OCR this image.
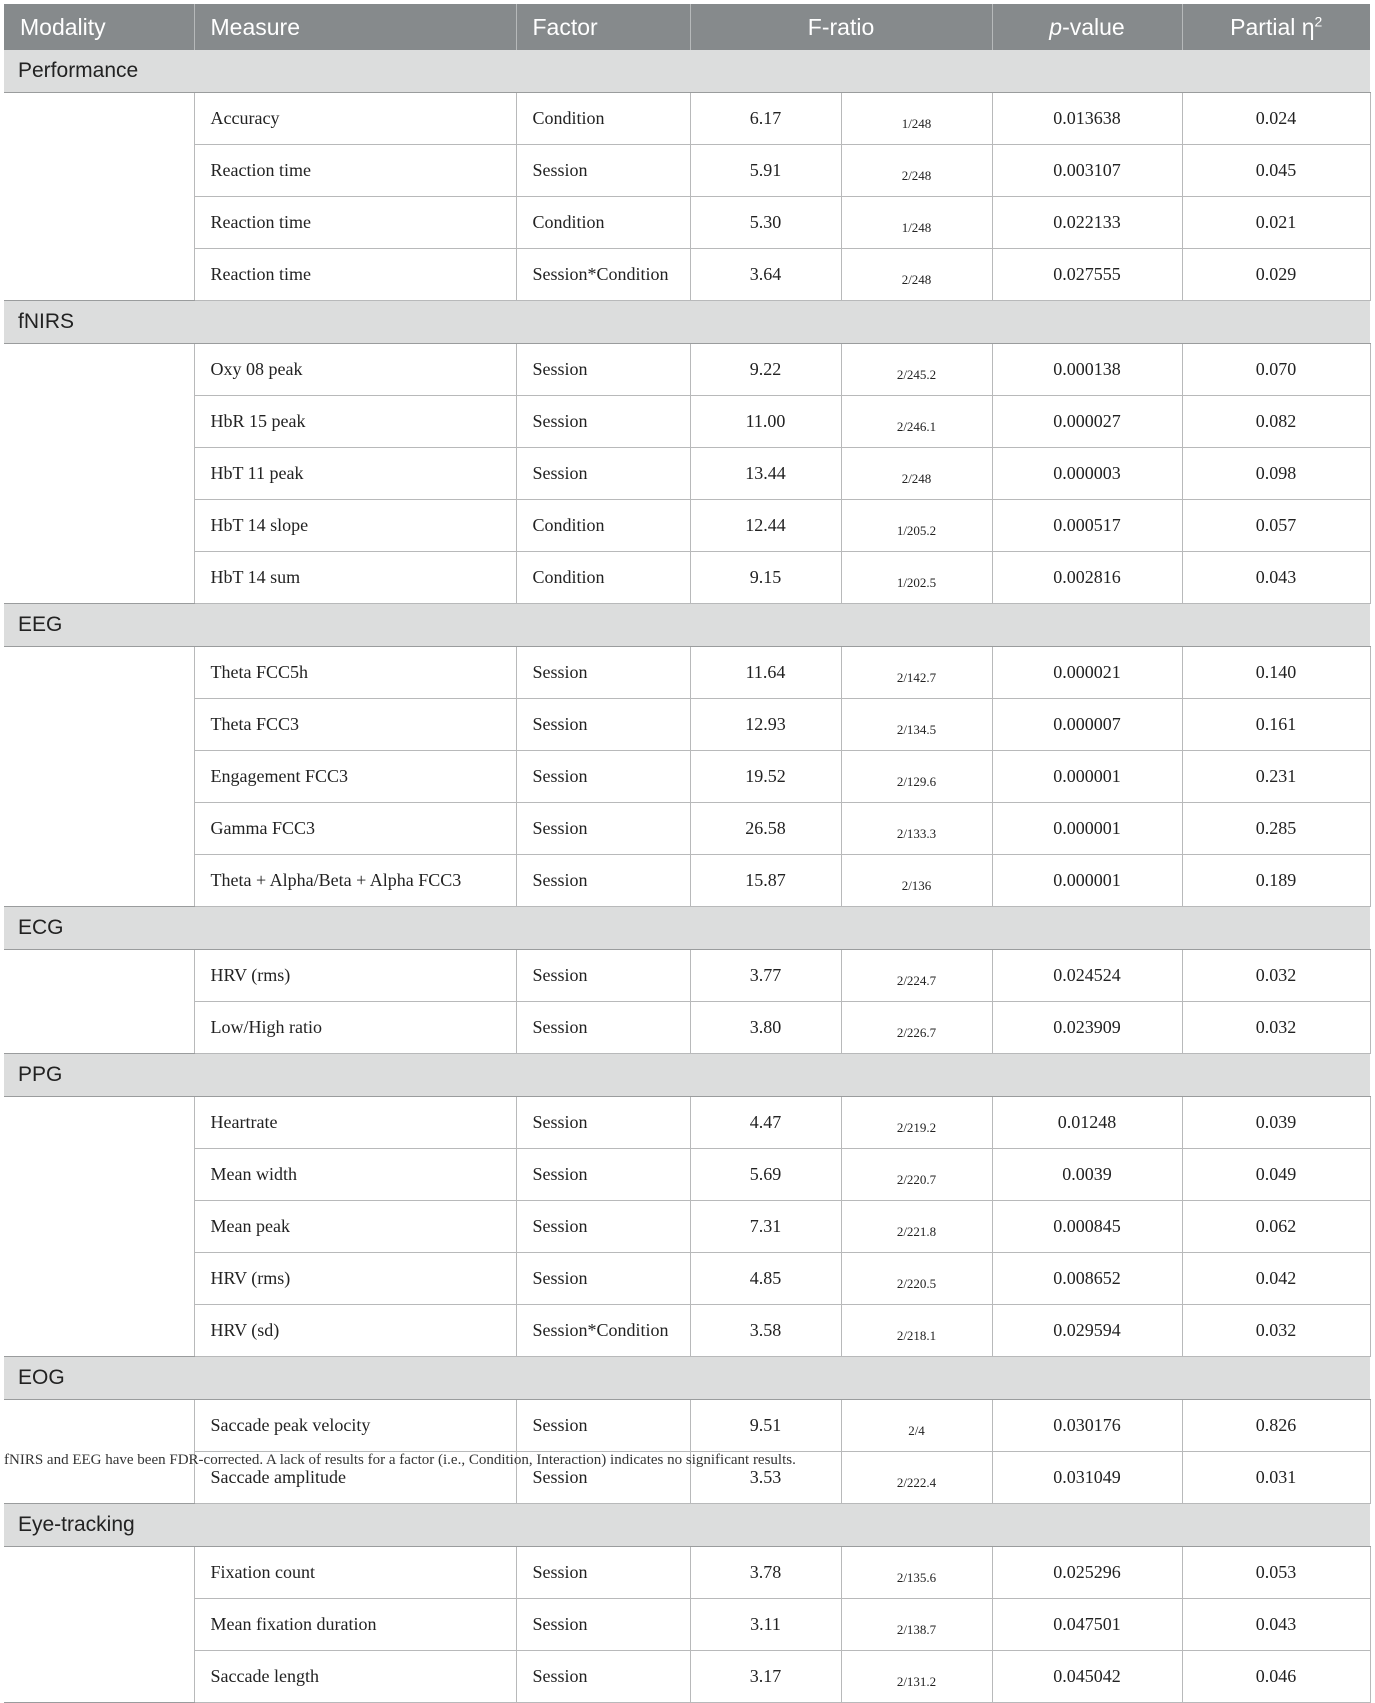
Modality	Measure	Factor	F-ratio		p-value	Partial $\eta^2$
Performance						
	Accuracy	Condition	6.17	1/248	0.013638	0.024
	Reaction time	Session	5.91	2/248	0.003107	0.045
	Reaction time	Condition	5.30	1/248	0.022133	0.021
	Reaction time	Session*Condition	3.64	2/248	0.027555	0.029
fNIRS						
	Oxy 08 peak	Session	9.22	2/245.2	0.000138	0.070
	HbR 15 peak	Session	11.00	2/246.1	0.000027	0.082
	HbT 11 peak	Session	13.44	2/248	0.000003	0.098
	HbT 14 slope	Condition	12.44	1/205.2	0.000517	0.057
	HbT 14 sum	Condition	9.15	1/202.5	0.002816	0.043
EEG						
	Theta FCC5h	Session	11.64	2/142.7	0.000021	0.140
	Theta FCC3	Session	12.93	2/134.5	0.000007	0.161
	Engagement FCC3	Session	19.52	2/129.6	0.000001	0.231
	Gamma FCC3	Session	26.58	2/133.3	0.000001	0.285
	Theta + Alpha/Beta + Alpha FCC3	Session	15.87	2/136	0.000001	0.189
ECG						
	HRV (rms)	Session	3.77	2/224.7	0.024524	0.032
	Low/High ratio	Session	3.80	2/226.7	0.023909	0.032
PPG						
	Heartrate	Session	4.47	2/219.2	0.01248	0.039
	Mean width	Session	5.69	2/220.7	0.0039	0.049
	Mean peak	Session	7.31	2/221.8	0.000845	0.062
	HRV (rms)	Session	4.85	2/220.5	0.008652	0.042
	HRV (sd)	Session*Condition	3.58	2/218.1	0.029594	0.032
EOG						
	Saccade peak velocity	Session	9.51	2/4	0.030176	0.826
	Saccade amplitude	Session	3.53	2/222.4	0.031049	0.031
Eye-tracking						
	Fixation count	Session	3.78	2/135.6	0.025296	0.053
	Mean fixation duration	Session	3.11	2/138.7	0.047501	0.043
	Saccade length	Session	3.17	2/131.2	0.045042	0.046
fNIRS and EEG have been FDR-corrected. A lack of results for a factor (i.e., Condition, Interaction) indicates no significant results.
